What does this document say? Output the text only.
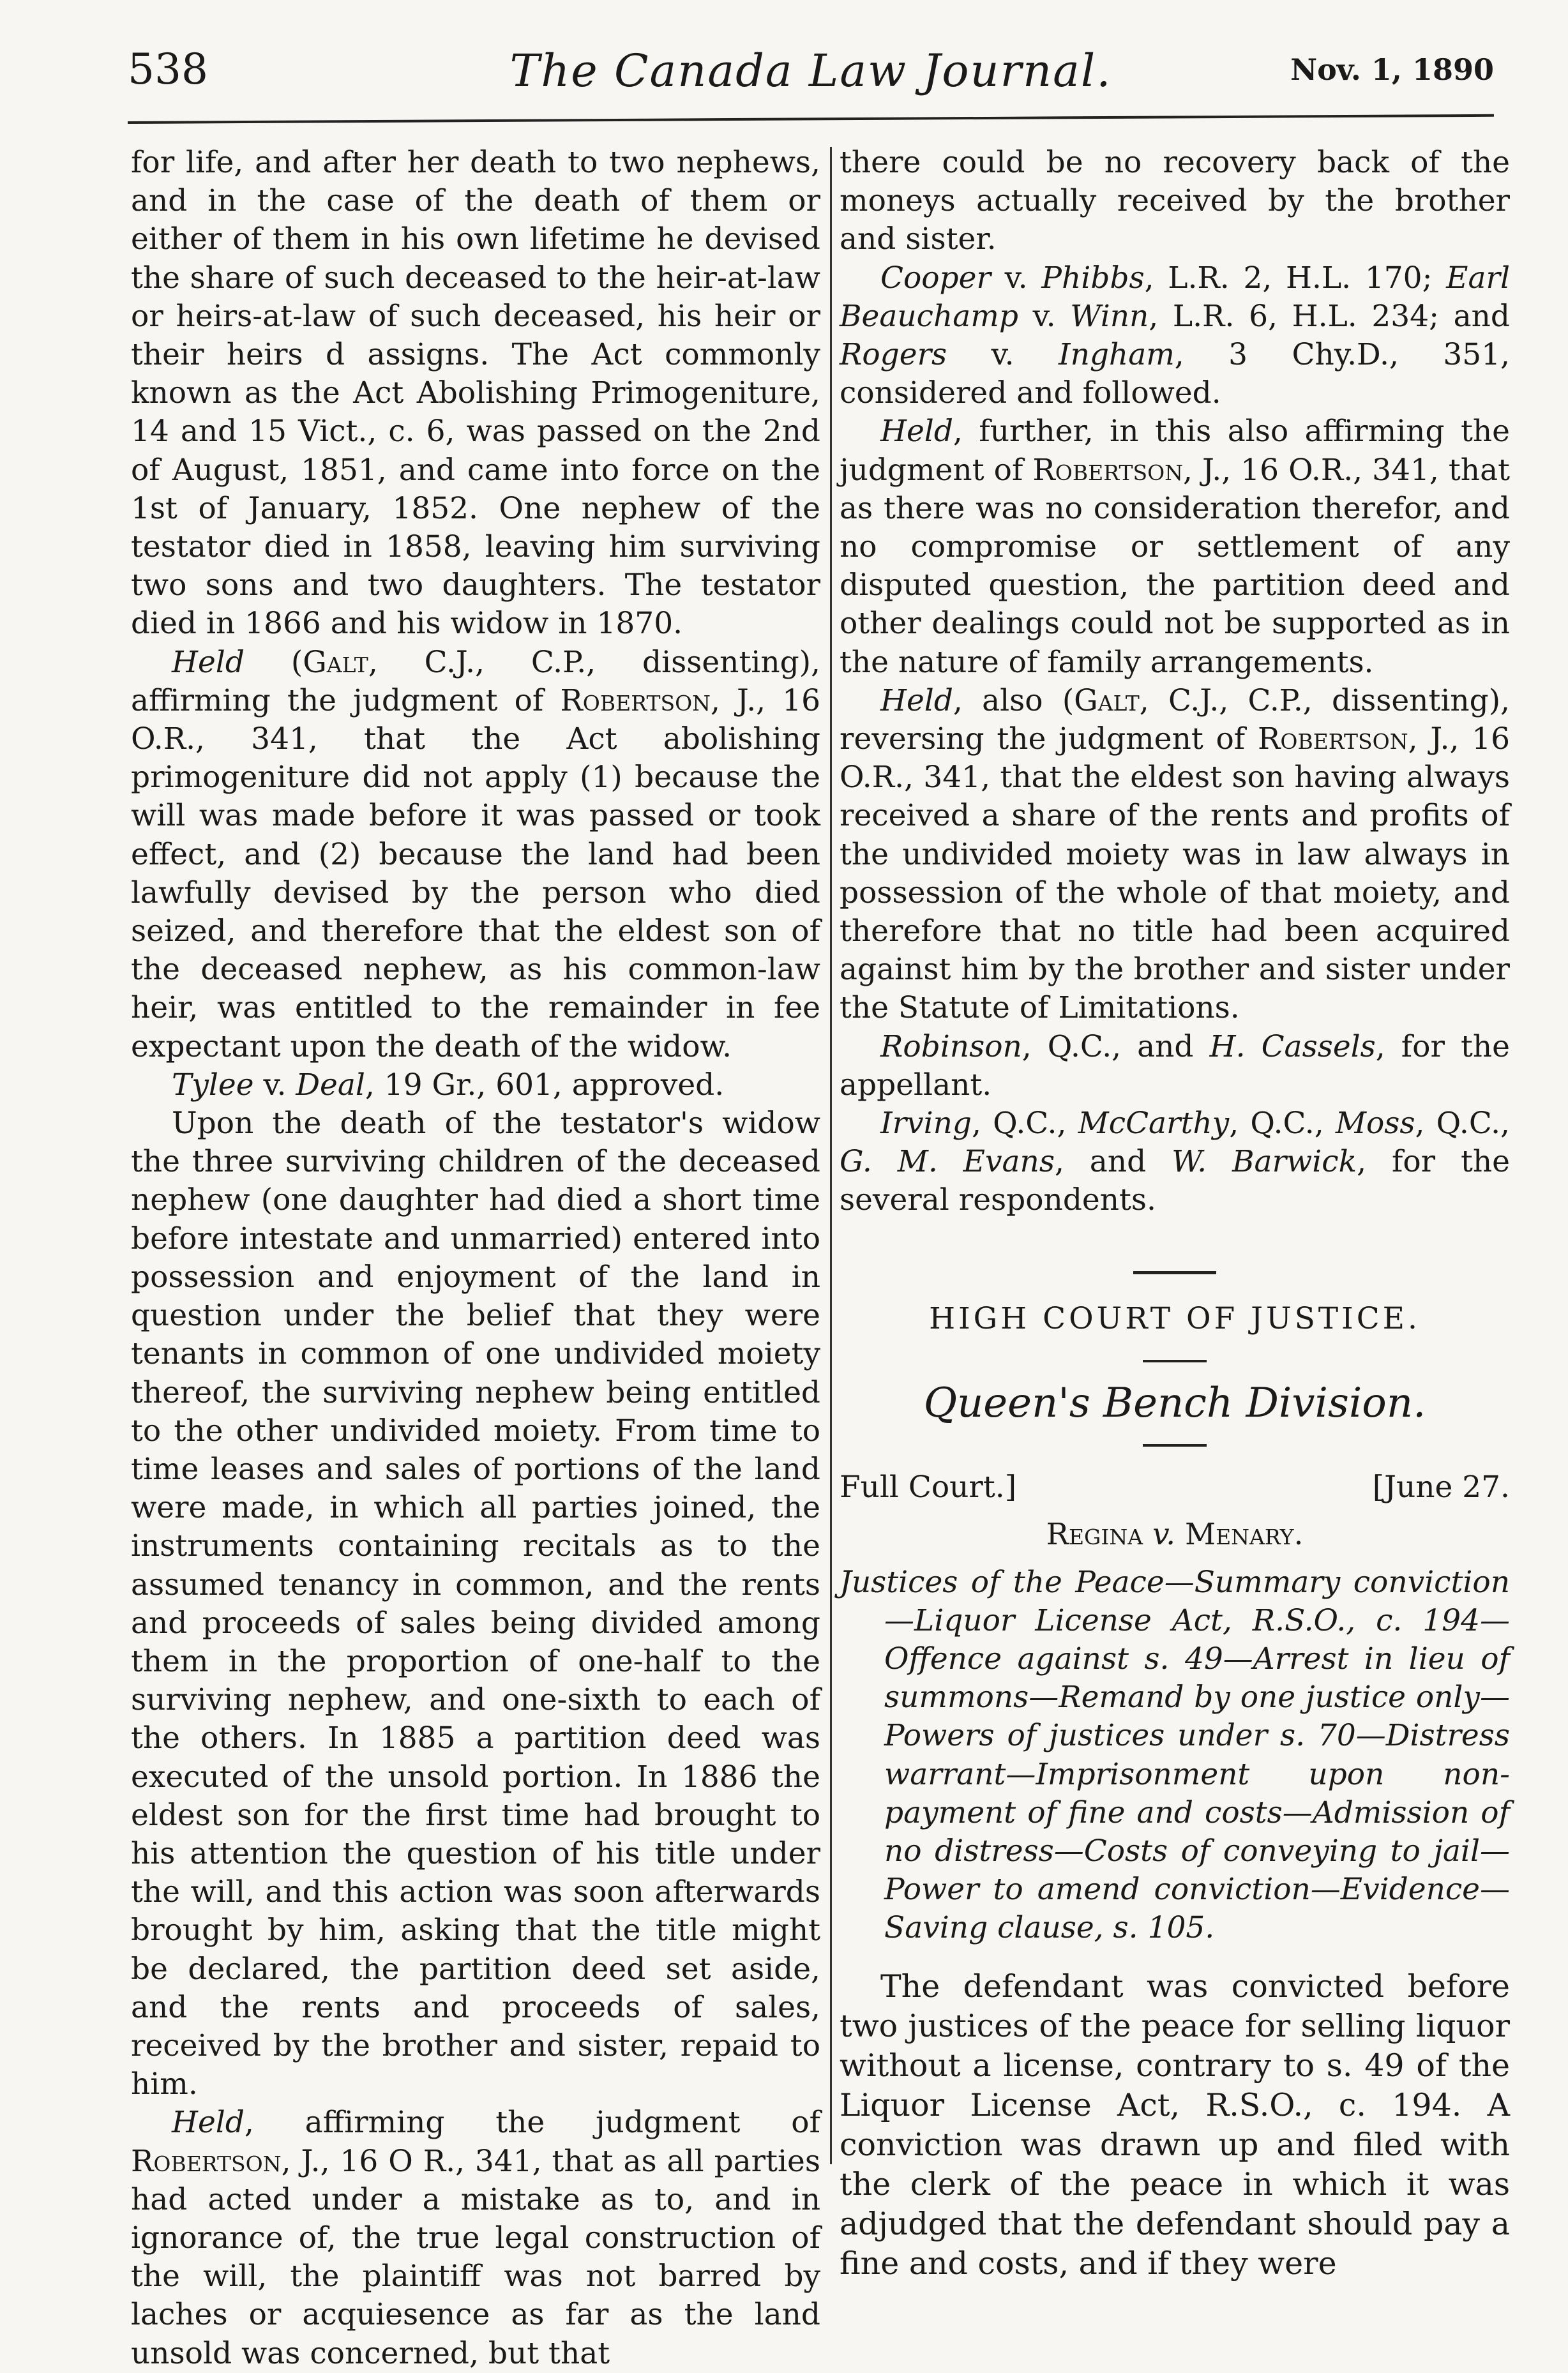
538	The Canada Law Journal.	Nov. 1, 1890

for life, and after her death to two nephews, and in the case of the death of them or either of them in his own lifetime he devised the share of such deceased to the heir-at-law or heirs-at-law of such deceased, his heir or their heirs d assigns. The Act commonly known as the Act Abolishing Primogeniture, 14 and 15 Vict., c. 6, was passed on the 2nd of August, 1851, and came into force on the 1st of January, 1852. One nephew of the testator died in 1858, leaving him surviving two sons and two daughters. The testator died in 1866 and his widow in 1870.

Held (Galt, C.J., C.P., dissenting), affirming the judgment of Robertson, J., 16 O.R., 341, that the Act abolishing primogeniture did not apply (1) because the will was made before it was passed or took effect, and (2) because the land had been lawfully devised by the person who died seized, and therefore that the eldest son of the deceased nephew, as his common-law heir, was entitled to the remainder in fee expectant upon the death of the widow.

Tylee v. Deal, 19 Gr., 601, approved.

Upon the death of the testator's widow the three surviving children of the deceased nephew (one daughter had died a short time before intestate and unmarried) entered into possession and enjoyment of the land in question under the belief that they were tenants in common of one undivided moiety thereof, the surviving nephew being entitled to the other undivided moiety. From time to time leases and sales of portions of the land were made, in which all parties joined, the instruments containing recitals as to the assumed tenancy in common, and the rents and proceeds of sales being divided among them in the proportion of one-half to the surviving nephew, and one-sixth to each of the others. In 1885 a partition deed was executed of the unsold portion. In 1886 the eldest son for the first time had brought to his attention the question of his title under the will, and this action was soon afterwards brought by him, asking that the title might be declared, the partition deed set aside, and the rents and proceeds of sales, received by the brother and sister, repaid to him.

Held, affirming the judgment of Robertson, J., 16 O R., 341, that as all parties had acted under a mistake as to, and in ignorance of, the true legal construction of the will, the plaintiff was not barred by laches or acquiesence as far as the land unsold was concerned, but that

there could be no recovery back of the moneys actually received by the brother and sister.

Cooper v. Phibbs, L.R. 2, H.L. 170; Earl Beauchamp v. Winn, L.R. 6, H.L. 234; and Rogers v. Ingham, 3 Chy.D., 351, considered and followed.

Held, further, in this also affirming the judgment of Robertson, J., 16 O.R., 341, that as there was no consideration therefor, and no compromise or settlement of any disputed question, the partition deed and other dealings could not be supported as in the nature of family arrangements.

Held, also (Galt, C.J., C.P., dissenting), reversing the judgment of Robertson, J., 16 O.R., 341, that the eldest son having always received a share of the rents and profits of the undivided moiety was in law always in possession of the whole of that moiety, and therefore that no title had been acquired against him by the brother and sister under the Statute of Limitations.

Robinson, Q.C., and H. Cassels, for the appellant.

Irving, Q.C., McCarthy, Q.C., Moss, Q.C., G. M. Evans, and W. Barwick, for the several respondents.

HIGH COURT OF JUSTICE.
Queen's Bench Division.
Full Court.]	[June 27.
Regina v. Menary.

Justices of the Peace—Summary conviction—Liquor License Act, R.S.O., c. 194—Offence against s. 49—Arrest in lieu of summons—Remand by one justice only—Powers of justices under s. 70—Distress warrant—Imprisonment upon non-payment of fine and costs—Admission of no distress—Costs of conveying to jail—Power to amend conviction—Evidence—Saving clause, s. 105.

The defendant was convicted before two justices of the peace for selling liquor without a license, contrary to s. 49 of the Liquor License Act, R.S.O., c. 194. A conviction was drawn up and filed with the clerk of the peace in which it was adjudged that the defendant should pay a fine and costs, and if they were
